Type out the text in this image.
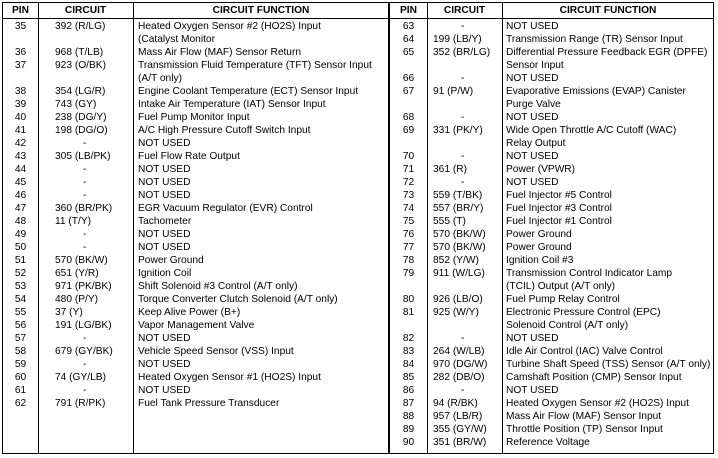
PIN	CIRCUIT	CIRCUIT FUNCTION	PIN	CIRCUIT	CIRCUIT FUNCTION
35	392 (R/LG)	Heated Oxygen Sensor #2 (HO2S) Input
(Catalyst Monitor
36	968 (T/LB)	Mass Air Flow (MAF) Sensor Return
37	923 (O/BK)	Transmission Fluid Temperature (TFT) Sensor Input
(A/T only)
38	354 (LG/R)	Engine Coolant Temperature (ECT) Sensor Input
39	743 (GY)	Intake Air Temperature (IAT) Sensor Input
40	238 (DG/Y)	Fuel Pump Monitor Input
41	198 (DG/O)	A/C High Pressure Cutoff Switch Input
42	-	NOT USED
43	305 (LB/PK)	Fuel Flow Rate Output
44	-	NOT USED
45	-	NOT USED
46	-	NOT USED
47	360 (BR/PK)	EGR Vacuum Regulator (EVR) Control
48	11 (T/Y)	Tachometer
49	-	NOT USED
50	-	NOT USED
51	570 (BK/W)	Power Ground
52	651 (Y/R)	Ignition Coil
53	971 (PK/BK)	Shift Solenoid #3 Control (A/T only)
54	480 (P/Y)	Torque Converter Clutch Solenoid (A/T only)
55	37 (Y)	Keep Alive Power (B+)
56	191 (LG/BK)	Vapor Management Valve
57	-	NOT USED
58	679 (GY/BK) Vehicle Speed Sensor (VSS) Input
59	-	NOT USED
60	74 (GY/LB)	Heated Oxygen Sensor #1 (HO2S) Input
61	-	NOT USED
62	791 (R/PK)	Fuel Tank Pressure Transducer
63	-	NOT USED
64	199 (LB/Y) Transmission Range (TR) Sensor Input
65	352 (BR/LG) Differential Pressure Feedback EGR (DPFE)
Sensor Input
66	-	NOT USED
67	91 (P/W)	Evaporative Emissions (EVAP) Canister
Purge Valve
68	-	NOT USED
69	331 (PK/Y) Wide Open Throttle A/C Cutoff (WAC)
Relay Output
70	-	NOT USED
71	361 (R)	Power (VPWR)
72	-	NOT USED
73	559 (T/BK) Fuel Injector #5 Control
74	557 (BR/Y) Fuel Injector #3 Control
75	555 (T)	Fuel Injector #1 Control
76	570 (BK/W) Power Ground
77	570 (BK/W) Power Ground
78	852 (Y/W)	Ignition Coil #3
79	911 (W/LG) Transmission Control Indicator Lamp
(TCIL) Output (A/T only)
80	926 (LB/O) Fuel Pump Relay Control
81	925 (W/Y)	Electronic Pressure Control (EPC)
Solenoid Control (A/T only)
82	-	NOT USED
83	264 (W/LB) Idle Air Control (IAC) Valve Control
84	970 (DG/W) Turbine Shaft Speed (TSS) Sensor (A/T only)
85	282 (DB/O) Camshaft Position (CMP) Sensor Input
86	-	NOT USED
87	94 (R/BK)	Heated Oxygen Sensor #2 (HO2S) Input
88	957 (LB/R) Mass Air Flow (MAF) Sensor Input
89	355 (GY/W) Throttle Position (TP) Sensor Input
90	351 (BR/W) Reference Voltage
